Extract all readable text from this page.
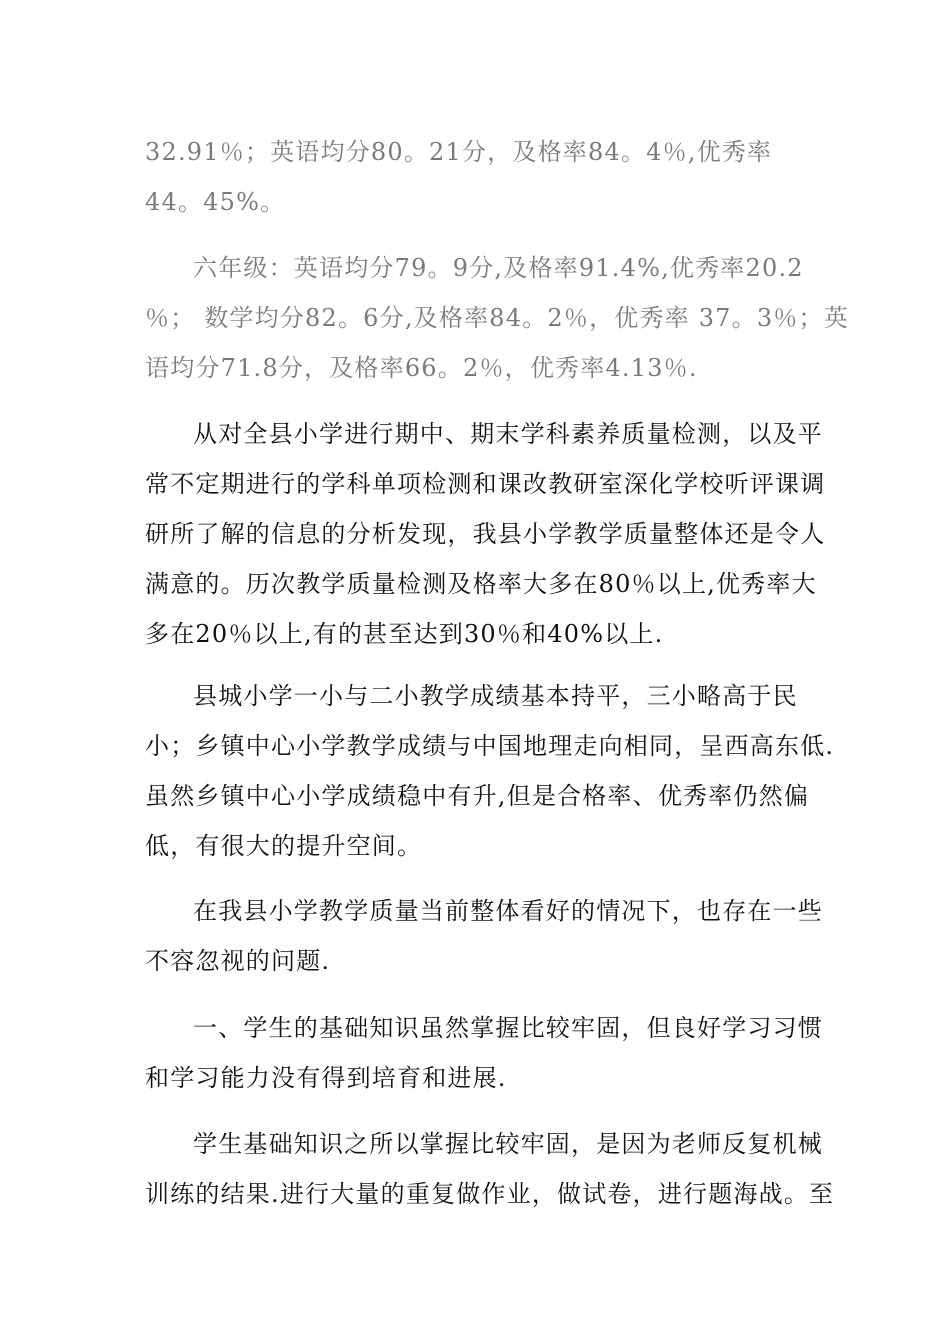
32.91％；英语均分80。21分，及格率84。4％,优秀率
44。45%。
六年级：英语均分79。9分,及格率91.4%,优秀率20.2
％； 数学均分82。6分,及格率84。2％，优秀率 37。3％；英
语均分71.8分，及格率66。2％，优秀率4.13％.
从对全县小学进行期中、期末学科素养质量检测，以及平
常不定期进行的学科单项检测和课改教研室深化学校听评课调
研所了解的信息的分析发现，我县小学教学质量整体还是令人
满意的。历次教学质量检测及格率大多在80％以上,优秀率大
多在20％以上,有的甚至达到30％和40%以上.
县城小学一小与二小教学成绩基本持平，三小略高于民
小；乡镇中心小学教学成绩与中国地理走向相同，呈西高东低.
虽然乡镇中心小学成绩稳中有升,但是合格率、优秀率仍然偏
低，有很大的提升空间。
在我县小学教学质量当前整体看好的情况下，也存在一些
不容忽视的问题.
一、学生的基础知识虽然掌握比较牢固，但良好学习习惯
和学习能力没有得到培育和进展.
学生基础知识之所以掌握比较牢固，是因为老师反复机械
训练的结果.进行大量的重复做作业，做试卷，进行题海战。至
